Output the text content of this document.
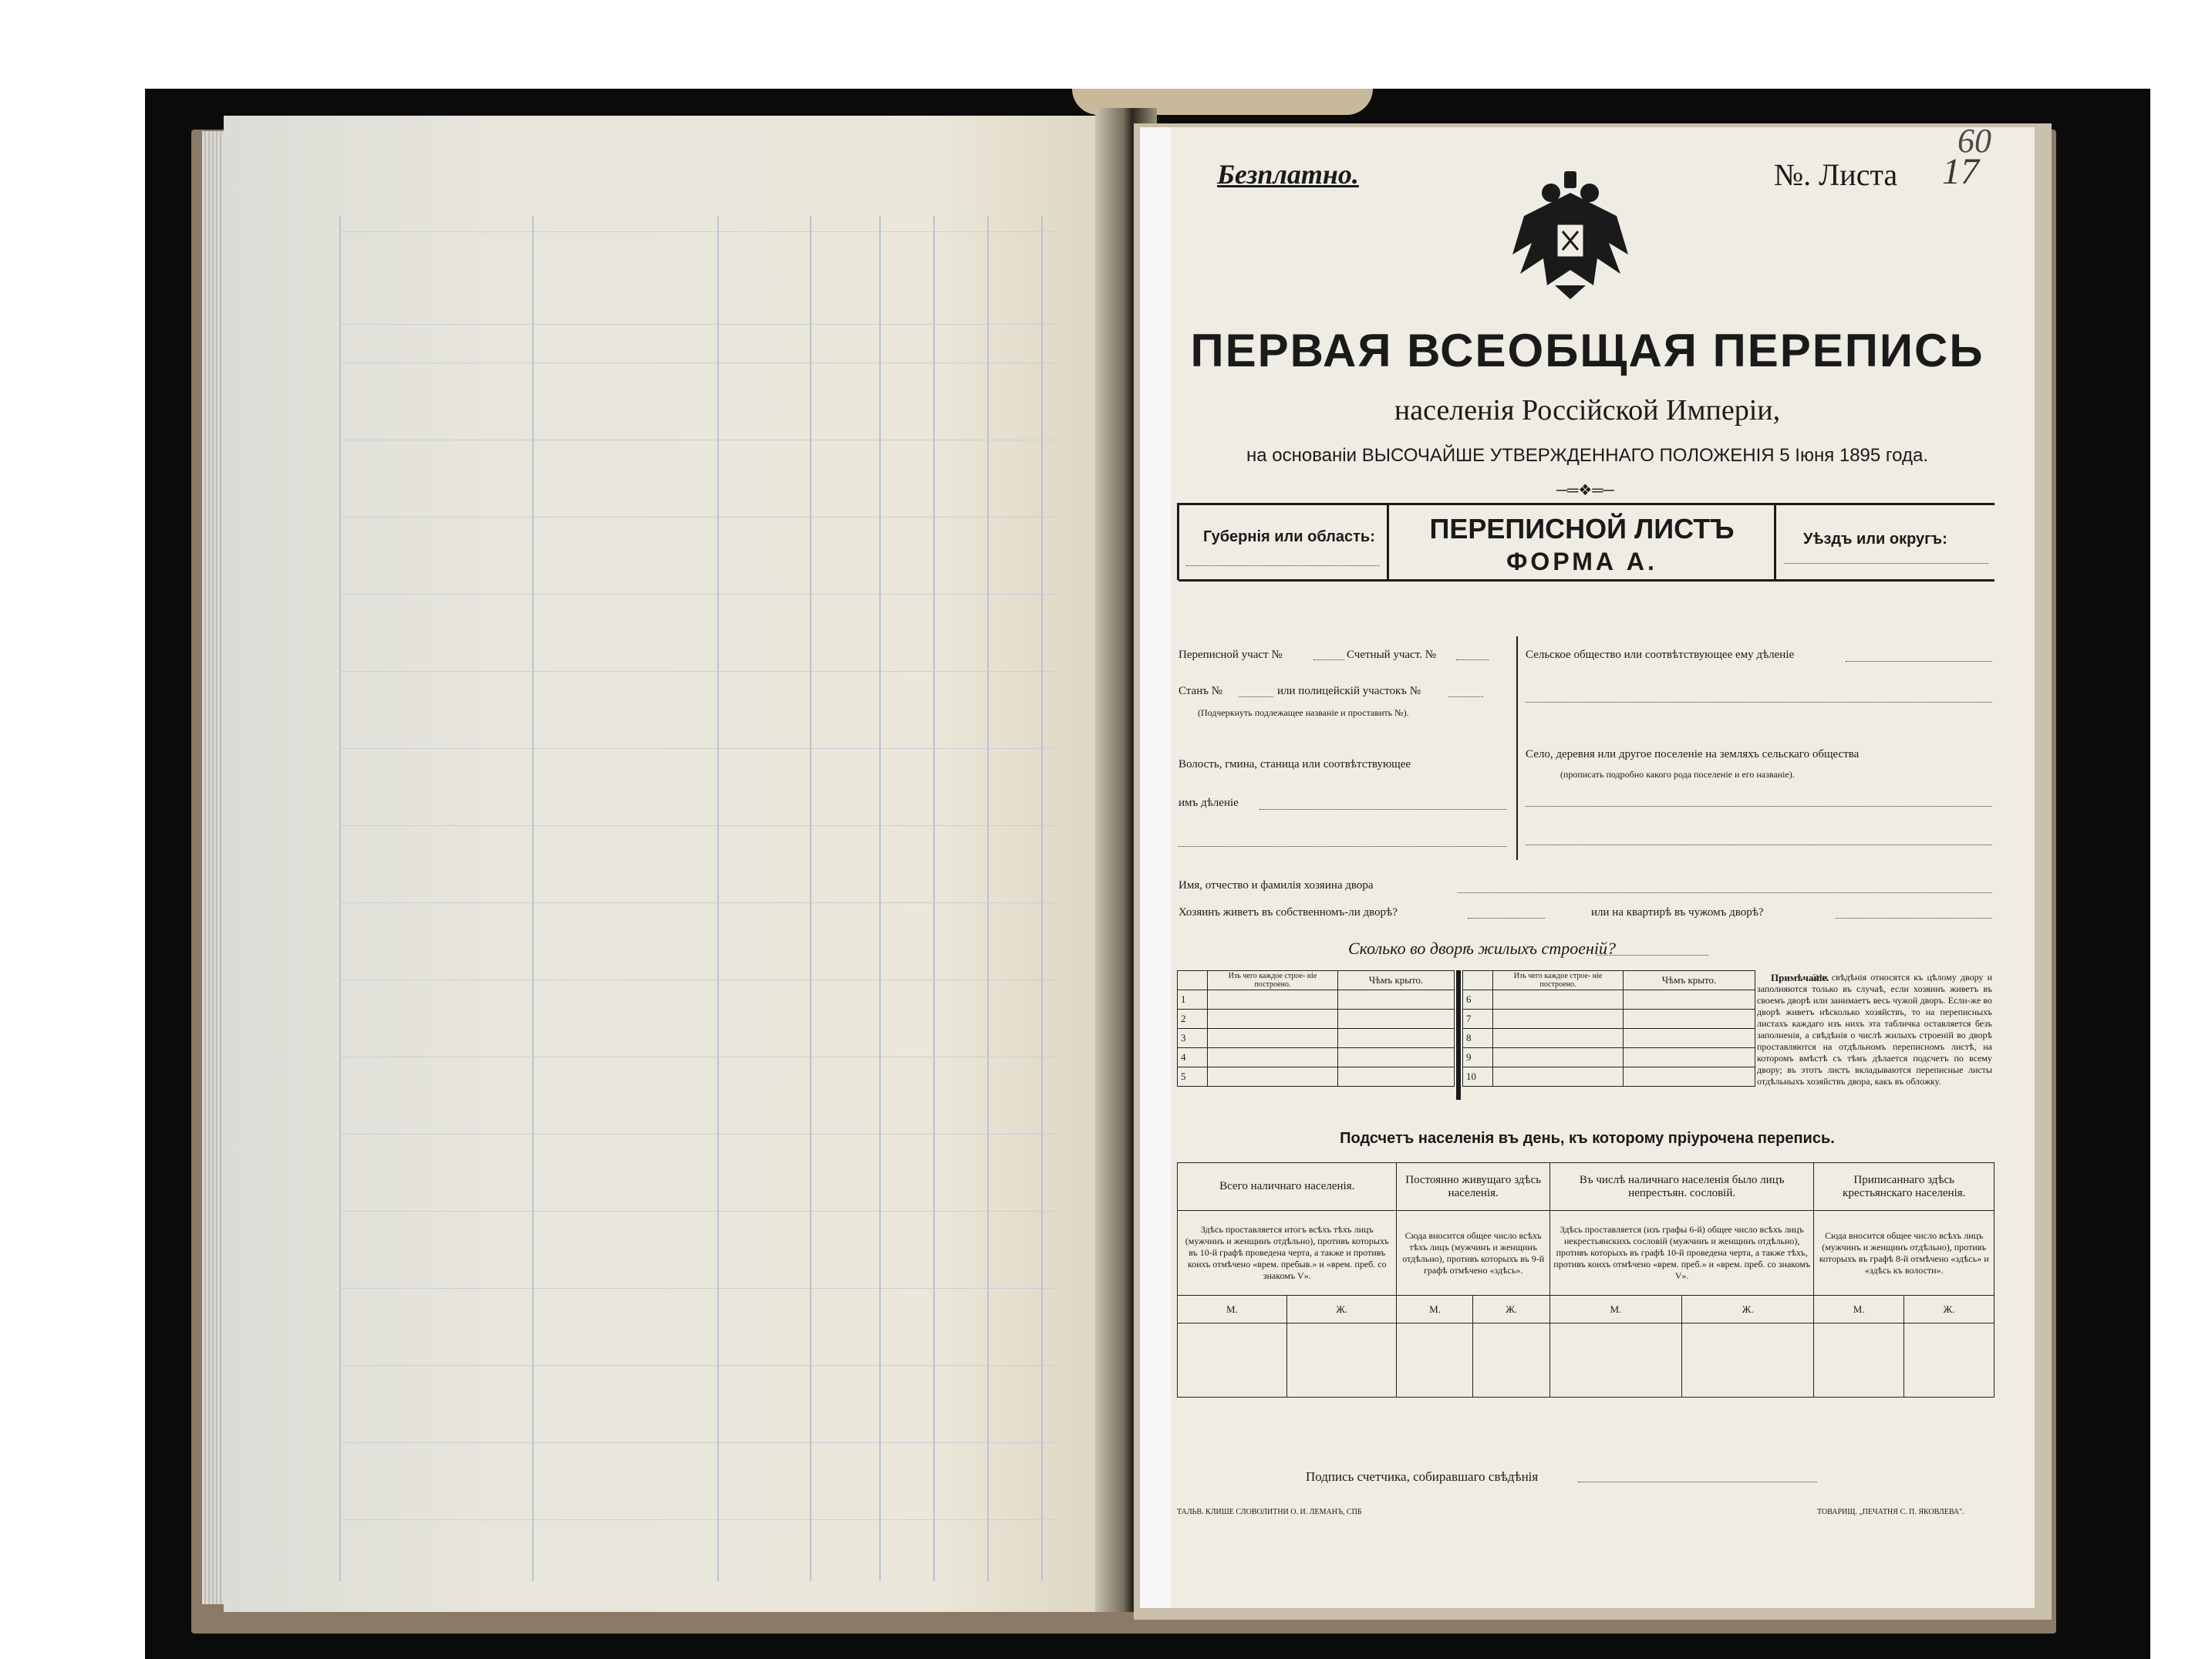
Безплатно.	№. Листа 17
60
ПЕРВАЯ ВСЕОБЩАЯ ПЕРЕПИСЬ
населенія Россійской Имперіи,
на основаніи ВЫСОЧАЙШЕ УТВЕРЖДЕННАГО ПОЛОЖЕНІЯ 5 Іюня 1895 года.
─═❖═─
Губернія или область:	ПЕРЕПИСНОЙ ЛИСТЪ
ФОРМА А.
Уѣздъ или округъ:
Переписной участ №	Счетный участ. №
Станъ №	или полицейскій участокъ №
(Подчеркнуть подлежащее названіе и проставить №).
Волость, гмина, станица или соотвѣтствующее
имъ дѣленіе
Сельское общество или соотвѣтствующее ему дѣленіе
Село, деревня или другое поселеніе на земляхъ сельскаго общества
(прописать подробно какого рода поселеніе и его названіе).
Имя, отчество и фамилія хозяина двора
Хозяинъ живетъ въ собственномъ-ли дворѣ?	или на квартирѣ въ чужомъ дворѣ?
Сколько во дворѣ жилыхъ строеній?
	Изъ чего каждое строе- ніе построено.	Чѣмъ крыто.
1		
2		
3		
4		
5		
	Изъ чего каждое строе- ніе построено.	Чѣмъ крыто.
6		
7		
8		
9		
10		
Примѣчаніе.
Эти свѣдѣнія относятся къ цѣлому двору и заполняются только въ случаѣ, если хозяинъ живетъ въ своемъ дворѣ или занимаетъ весь чужой дворъ. Если-же во дворѣ живетъ нѣсколько хозяйствъ, то на переписныхъ листахъ каждаго изъ нихъ эта табличка оставляется безъ заполненія, а свѣдѣнія о числѣ жилыхъ строеній во дворѣ проставляются на отдѣльномъ переписномъ листѣ, на которомъ вмѣстѣ съ тѣмъ дѣлается подсчетъ по всему двору; въ этотъ листъ вкладываются переписные листы отдѣльныхъ хозяйствъ двора, какъ въ обложку.
Подсчетъ населенія въ день, къ которому пріурочена перепись.
Всего наличнаго населенія.		Постоянно живущаго здѣсь населенія.		Въ числѣ наличнаго населенія было лицъ непрестьян. сословій.		Приписаннаго здѣсь крестьянскаго населенія.	
Здѣсь проставляется итогъ всѣхъ тѣхъ лицъ (мужчинъ и женщинъ отдѣльно), противъ которыхъ въ 10-й графѣ проведена черта, а также и противъ коихъ отмѣчено «врем. пребыв.» и «врем. преб. со знакомъ V».		Сюда вносится общее число всѣхъ тѣхъ лицъ (мужчинъ и женщинъ отдѣльно), противъ которыхъ въ 9-й графѣ отмѣчено «здѣсь».		Здѣсь проставляется (изъ графы 6-й) общее число всѣхъ лицъ некрестьянскихъ сословій (мужчинъ и женщинъ отдѣльно), противъ которыхъ въ графѣ 10-й проведена черта, а также тѣхъ, противъ коихъ отмѣчено «врем. преб.» и «врем. преб. со знакомъ V».		Сюда вносится общее число всѣхъ лицъ (мужчинъ и женщинъ отдѣльно), противъ которыхъ въ графѣ 8-й отмѣчено «здѣсь» и «здѣсь къ волости».	
М.	Ж.	М.	Ж.	М.	Ж.	М.	Ж.

Подпись счетчика, собиравшаго свѣдѣнія
ТАЛЬВ. КЛИШЕ СЛОВОЛИТНИ О. И. ЛЕМАНЪ, СПБ	ТОВАРИЩ. „ПЕЧАТНЯ С. П. ЯКОВЛЕВА".
